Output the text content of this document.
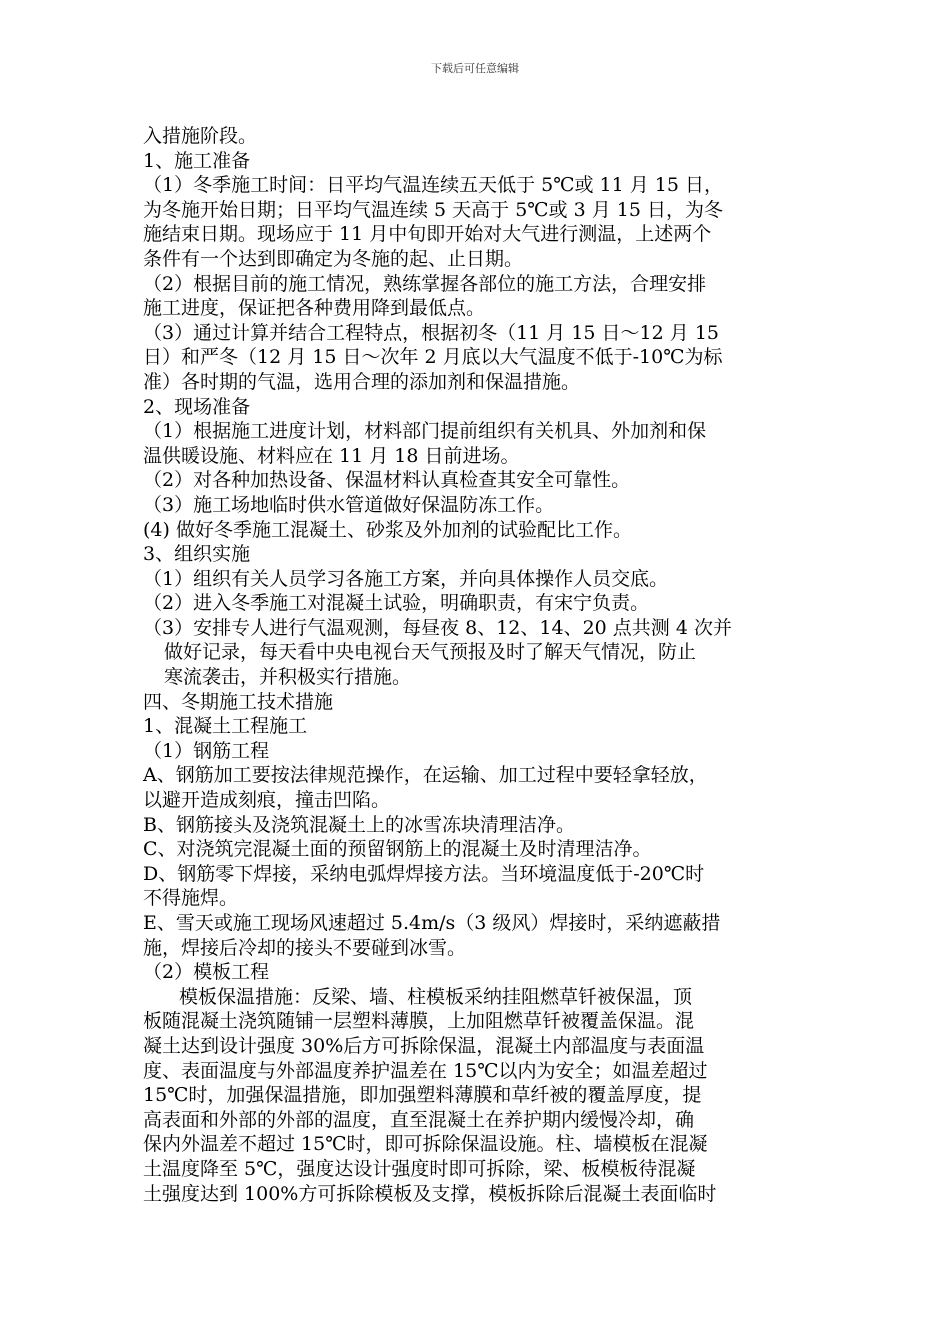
下载后可任意编辑
入措施阶段。
1、施工准备
（1）冬季施工时间：日平均气温连续五天低于 5℃或 11 月 15 日，
为冬施开始日期；日平均气温连续 5 天高于 5℃或 3 月 15 日，为冬
施结束日期。现场应于 11 月中旬即开始对大气进行测温，上述两个
条件有一个达到即确定为冬施的起、止日期。
（2）根据目前的施工情况，熟练掌握各部位的施工方法，合理安排
施工进度，保证把各种费用降到最低点。
（3）通过计算并结合工程特点，根据初冬（11 月 15 日～12 月 15
日）和严冬（12 月 15 日～次年 2 月底以大气温度不低于-10℃为标
准）各时期的气温，选用合理的添加剂和保温措施。
2、现场准备
（1）根据施工进度计划，材料部门提前组织有关机具、外加剂和保
温供暖设施、材料应在 11 月 18 日前进场。
（2）对各种加热设备、保温材料认真检查其安全可靠性。
（3）施工场地临时供水管道做好保温防冻工作。
(4) 做好冬季施工混凝土、砂浆及外加剂的试验配比工作。
3、组织实施
（1）组织有关人员学习各施工方案，并向具体操作人员交底。
（2）进入冬季施工对混凝土试验，明确职责，有宋宁负责。
（3）安排专人进行气温观测，每昼夜 8、12、14、20 点共测 4 次并
做好记录，每天看中央电视台天气预报及时了解天气情况，防止
寒流袭击，并积极实行措施。
四、冬期施工技术措施
1、混凝土工程施工
（1）钢筋工程
A、钢筋加工要按法律规范操作，在运输、加工过程中要轻拿轻放，
以避开造成刻痕，撞击凹陷。
B、钢筋接头及浇筑混凝土上的冰雪冻块清理洁净。
C、对浇筑完混凝土面的预留钢筋上的混凝土及时清理洁净。
D、钢筋零下焊接，采纳电弧焊焊接方法。当环境温度低于-20℃时
不得施焊。
E、雪天或施工现场风速超过 5.4m/s（3 级风）焊接时，采纳遮蔽措
施，焊接后冷却的接头不要碰到冰雪。
（2）模板工程
模板保温措施：反梁、墙、柱模板采纳挂阻燃草钎被保温，顶
板随混凝土浇筑随铺一层塑料薄膜，上加阻燃草钎被覆盖保温。混
凝土达到设计强度 30%后方可拆除保温，混凝土内部温度与表面温
度、表面温度与外部温度养护温差在 15℃以内为安全；如温差超过
15℃时，加强保温措施，即加强塑料薄膜和草纤被的覆盖厚度，提
高表面和外部的外部的温度，直至混凝土在养护期内缓慢冷却，确
保内外温差不超过 15℃时，即可拆除保温设施。柱、墙模板在混凝
土温度降至 5℃，强度达设计强度时即可拆除，梁、板模板待混凝
土强度达到 100%方可拆除模板及支撑，模板拆除后混凝土表面临时
